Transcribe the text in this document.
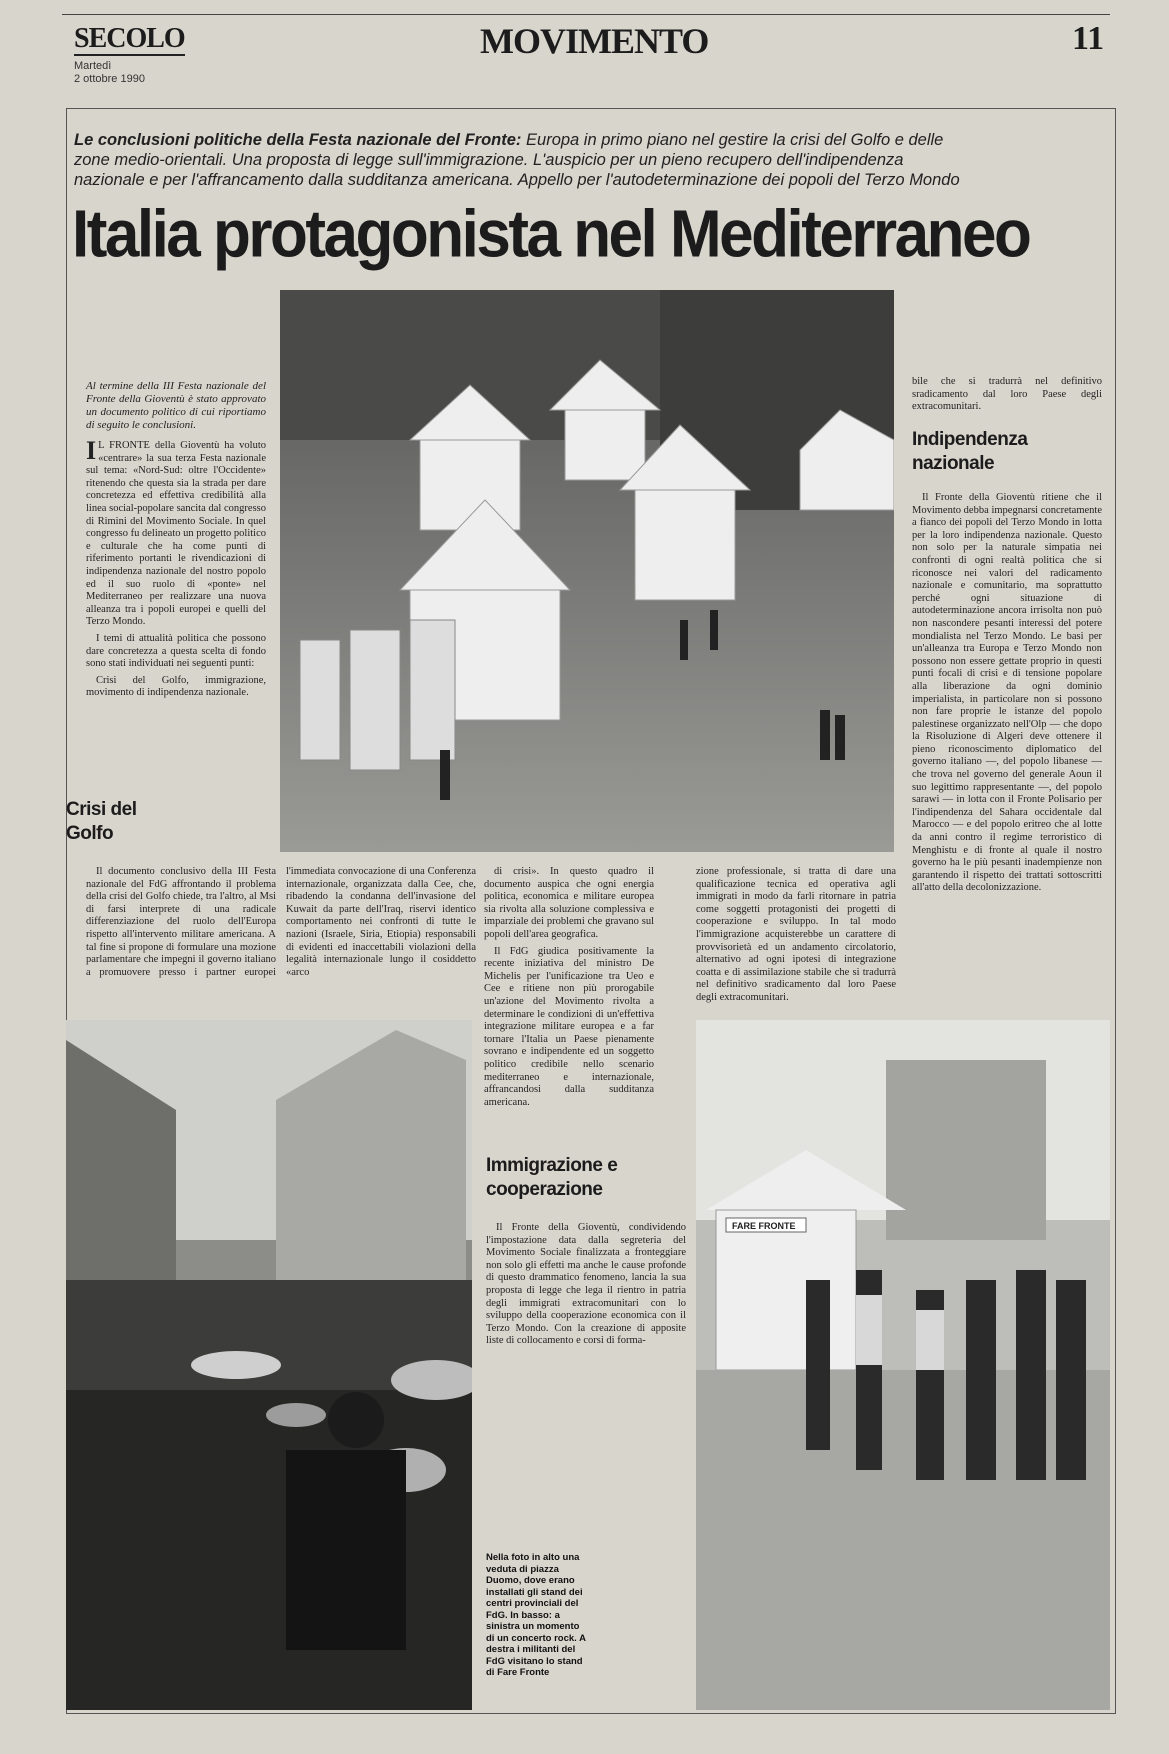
SECOLO
Martedì
2 ottobre 1990
MOVIMENTO	11
Le conclusioni politiche della Festa nazionale del Fronte: Europa in primo piano nel gestire la crisi del Golfo e delle zone medio-orientali. Una proposta di legge sull'immigrazione. L'auspicio per un pieno recupero dell'indipendenza nazionale e per l'affrancamento dalla sudditanza americana. Appello per l'autodeterminazione dei popoli del Terzo Mondo
Italia protagonista nel Mediterraneo
Al termine della III Festa nazionale del Fronte della Gioventù è stato approvato un documento politico di cui riportiamo di seguito le conclusioni.

I L FRONTE della Gioventù ha voluto «centrare» la sua terza Festa nazionale sul tema: «Nord-Sud: oltre l'Occidente» ritenendo che questa sia la strada per dare concretezza ed effettiva credibilità alla linea social-popolare sancita dal congresso di Rimini del Movimento Sociale. In quel congresso fu delineato un progetto politico e culturale che ha come punti di riferimento portanti le rivendicazioni di indipendenza nazionale del nostro popolo ed il suo ruolo di «ponte» nel Mediterraneo per realizzare una nuova alleanza tra i popoli europei e quelli del Terzo Mondo.

I temi di attualità politica che possono dare concretezza a questa scelta di fondo sono stati individuati nei seguenti punti:

Crisi del Golfo, immigrazione, movimento di indipendenza nazionale.

Crisi del Golfo

Il documento conclusivo della III Festa nazionale del FdG affrontando il problema della crisi del Golfo chiede, tra l'altro, al Msi di farsi interprete di una radicale differenziazione del ruolo dell'Europa rispetto all'intervento militare americana. A tal fine si propone di formulare una mozione parlamentare che impegni il governo italiano a promuovere presso i partner europei l'immediata convocazione di una Conferenza internazionale, organizzata dalla Cee, che, ribadendo la condanna dell'invasione del Kuwait da parte dell'Iraq, riservi identico comportamento nei confronti di tutte le nazioni (Israele, Siria, Etiopia) responsabili di evidenti ed inaccettabili violazioni della legalità internazionale lungo il cosiddetto «arco

di crisi». In questo quadro il documento auspica che ogni energia politica, economica e militare europea sia rivolta alla soluzione complessiva e imparziale dei problemi che gravano sul popoli dell'area geografica.

Il FdG giudica positivamente la recente iniziativa del ministro De Michelis per l'unificazione tra Ueo e Cee e ritiene non più prorogabile un'azione del Movimento rivolta a determinare le condizioni di un'effettiva integrazione militare europea e a far tornare l'Italia un Paese pienamente sovrano e indipendente ed un soggetto politico credibile nello scenario mediterraneo e internazionale, affrancandosi dalla sudditanza americana.

zione professionale, si tratta di dare una qualificazione tecnica ed operativa agli immigrati in modo da farli ritornare in patria come soggetti protagonisti dei progetti di cooperazione e sviluppo. In tal modo l'immigrazione acquisterebbe un carattere di provvisorietà ed un andamento circolatorio, alternativo ad ogni ipotesi di integrazione coatta e di assimilazione stabile che si tradurrà nel definitivo sradicamento dal loro Paese degli extracomunitari.

bile che si tradurrà nel definitivo sradicamento dal loro Paese degli extracomunitari.

Indipendenza nazionale

Il Fronte della Gioventù ritiene che il Movimento debba impegnarsi concretamente a fianco dei popoli del Terzo Mondo in lotta per la loro indipendenza nazionale. Questo non solo per la naturale simpatia nei confronti di ogni realtà politica che si riconosce nei valori del radicamento nazionale e comunitario, ma soprattutto perché ogni situazione di autodeterminazione ancora irrisolta non può non nascondere pesanti interessi del potere mondialista nel Terzo Mondo. Le basi per un'alleanza tra Europa e Terzo Mondo non possono non essere gettate proprio in questi punti focali di crisi e di tensione popolare alla liberazione da ogni dominio imperialista, in particolare non si possono non fare proprie le istanze del popolo palestinese organizzato nell'Olp — che dopo la Risoluzione di Algeri deve ottenere il pieno riconoscimento diplomatico del governo italiano —, del popolo libanese — che trova nel governo del generale Aoun il suo legittimo rappresentante —, del popolo sarawi — in lotta con il Fronte Polisario per l'indipendenza del Sahara occidentale dal Marocco — e del popolo eritreo che al lotte da anni contro il regime terroristico di Menghistu e di fronte al quale il nostro governo ha le più pesanti inadempienze non garantendo il rispetto dei trattati sottoscritti all'atto della decolonizzazione.

Immigrazione e cooperazione

Il Fronte della Gioventù, condividendo l'impostazione data dalla segreteria del Movimento Sociale finalizzata a fronteggiare non solo gli effetti ma anche le cause profonde di questo drammatico fenomeno, lancia la sua proposta di legge che lega il rientro in patria degli immigrati extracomunitari con lo sviluppo della cooperazione economica con il Terzo Mondo. Con la creazione di apposite liste di collocamento e corsi di forma-

Nella foto in alto una veduta di piazza Duomo, dove erano installati gli stand dei centri provinciali del FdG. In basso: a sinistra un momento di un concerto rock. A destra i militanti del FdG visitano lo stand di Fare Fronte
FARE FRONTE
